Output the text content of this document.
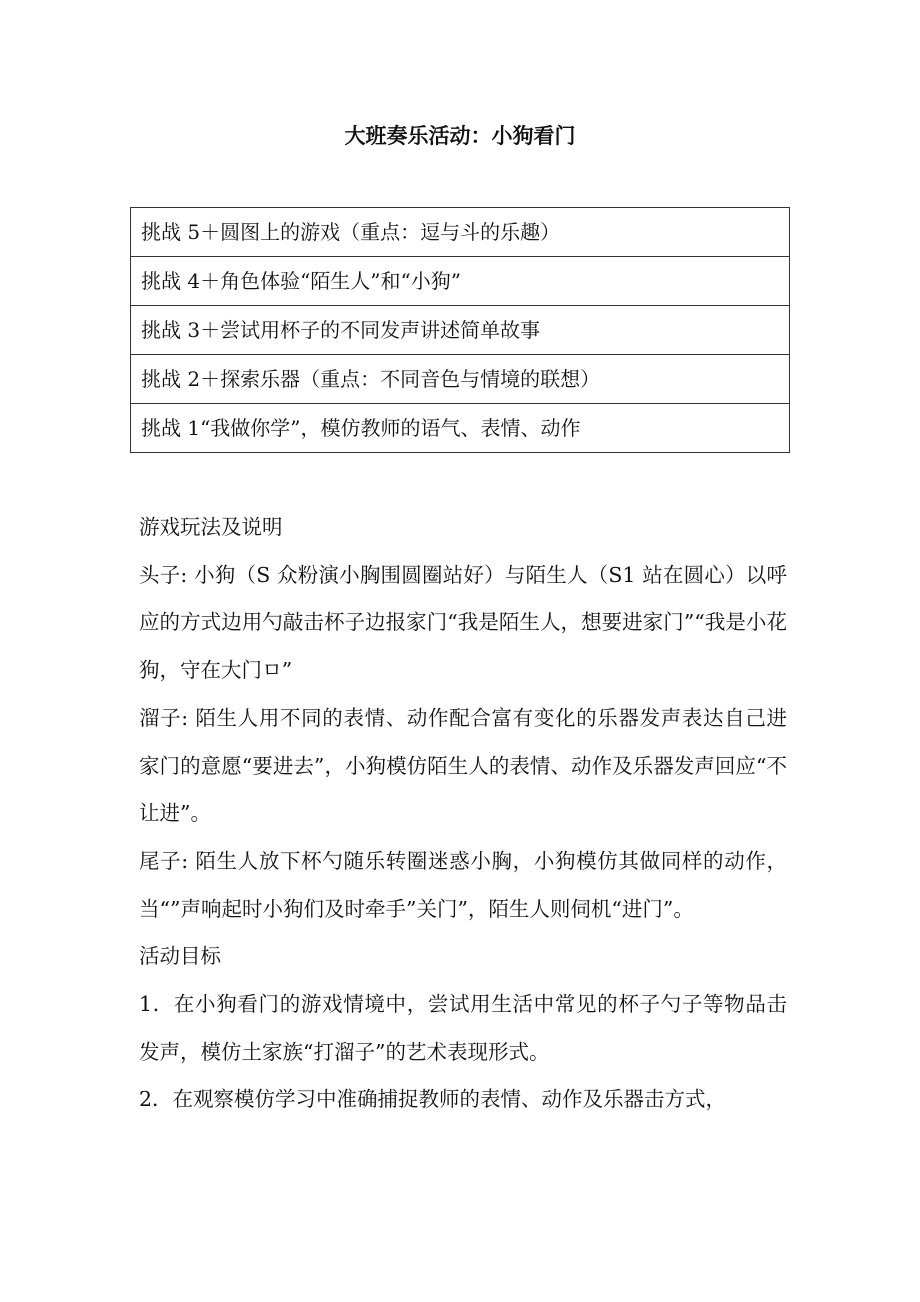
大班奏乐活动：小狗看门
挑战 5＋圆图上的游戏（重点：逗与斗的乐趣）
挑战 4＋角色体验“陌生人”和“小狗”
挑战 3＋尝试用杯子的不同发声讲述简单故事
挑战 2＋探索乐器（重点：不同音色与情境的联想）
挑战 1“我做你学”，模仿教师的语气、表情、动作

游戏玩法及说明

头子: 小狗（S 众粉演小胸围圆圈站好）与陌生人（S1 站在圆心）以呼应的方式边用勺敲击杯子边报家门“我是陌生人，想要进家门”“我是小花狗，守在大门ㅁ”

溜子: 陌生人用不同的表情、动作配合富有变化的乐器发声表达自己进家门的意愿“要进去”，小狗模仿陌生人的表情、动作及乐器发声回应“不让进”。

尾子: 陌生人放下杯勺随乐转圈迷惑小胸，小狗模仿其做同样的动作，当“”声响起时小狗们及时牵手”关门”，陌生人则伺机“进门”。

活动目标

1．在小狗看门的游戏情境中，尝试用生活中常见的杯子勺子等物品击发声，模仿土家族“打溜子”的艺术表现形式。

2．在观察模仿学习中准确捕捉教师的表情、动作及乐器击方式，
